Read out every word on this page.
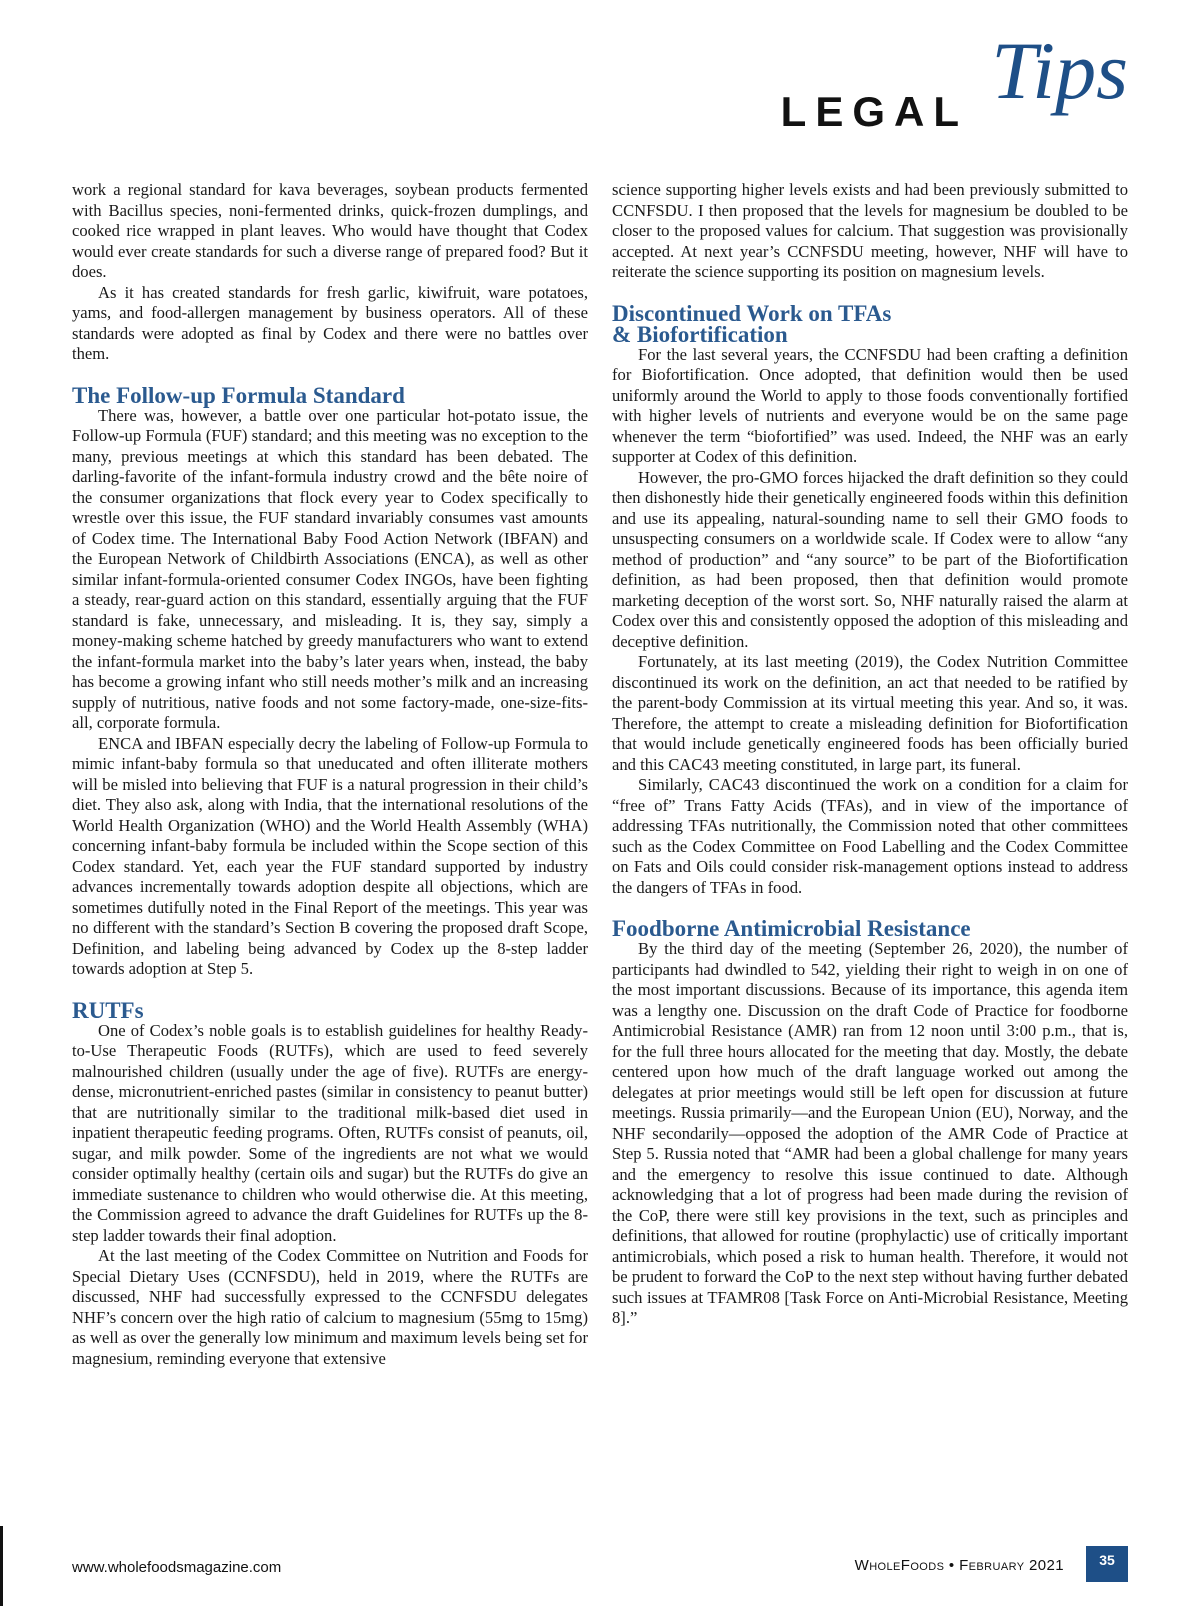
LEGAL Tips

work a regional standard for kava beverages, soybean products fermented with Bacillus species, noni-fermented drinks, quick-frozen dumplings, and cooked rice wrapped in plant leaves. Who would have thought that Codex would ever create standards for such a diverse range of prepared food? But it does.

As it has created standards for fresh garlic, kiwifruit, ware potatoes, yams, and food-allergen management by business operators. All of these standards were adopted as final by Codex and there were no battles over them.

The Follow-up Formula Standard

There was, however, a battle over one particular hot-potato issue, the Follow-up Formula (FUF) standard; and this meeting was no exception to the many, previous meetings at which this standard has been debated. The darling-favorite of the infant-formula industry crowd and the bête noire of the consumer organizations that flock every year to Codex specifically to wrestle over this issue, the FUF standard invariably consumes vast amounts of Codex time. The International Baby Food Action Network (IBFAN) and the European Network of Childbirth Associations (ENCA), as well as other similar infant-formula-oriented consumer Codex INGOs, have been fighting a steady, rear-guard action on this standard, essentially arguing that the FUF standard is fake, unnecessary, and misleading. It is, they say, simply a money-making scheme hatched by greedy manufacturers who want to extend the infant-formula market into the baby’s later years when, instead, the baby has become a growing infant who still needs mother’s milk and an increasing supply of nutritious, native foods and not some factory-made, one-size-fits-all, corporate formula.

ENCA and IBFAN especially decry the labeling of Follow-up Formula to mimic infant-baby formula so that uneducated and often illiterate mothers will be misled into believing that FUF is a natural progression in their child’s diet. They also ask, along with India, that the international resolutions of the World Health Organization (WHO) and the World Health Assembly (WHA) concerning infant-baby formula be included within the Scope section of this Codex standard. Yet, each year the FUF standard supported by industry advances incrementally towards adoption despite all objections, which are sometimes dutifully noted in the Final Report of the meetings. This year was no different with the standard’s Section B covering the proposed draft Scope, Definition, and labeling being advanced by Codex up the 8-step ladder towards adoption at Step 5.

RUTFs

One of Codex’s noble goals is to establish guidelines for healthy Ready-to-Use Therapeutic Foods (RUTFs), which are used to feed severely malnourished children (usually under the age of five). RUTFs are energy-dense, micronutrient-enriched pastes (similar in consistency to peanut butter) that are nutritionally similar to the traditional milk-based diet used in inpatient therapeutic feeding programs. Often, RUTFs consist of peanuts, oil, sugar, and milk powder. Some of the ingredients are not what we would consider optimally healthy (certain oils and sugar) but the RUTFs do give an immediate sustenance to children who would otherwise die. At this meeting, the Commission agreed to advance the draft Guidelines for RUTFs up the 8-step ladder towards their final adoption.

At the last meeting of the Codex Committee on Nutrition and Foods for Special Dietary Uses (CCNFSDU), held in 2019, where the RUTFs are discussed, NHF had successfully expressed to the CCNFSDU delegates NHF’s concern over the high ratio of calcium to magnesium (55mg to 15mg) as well as over the generally low minimum and maximum levels being set for magnesium, reminding everyone that extensive

science supporting higher levels exists and had been previously submitted to CCNFSDU. I then proposed that the levels for magnesium be doubled to be closer to the proposed values for calcium. That suggestion was provisionally accepted. At next year’s CCNFSDU meeting, however, NHF will have to reiterate the science supporting its position on magnesium levels.

Discontinued Work on TFAs
& Biofortification

For the last several years, the CCNFSDU had been crafting a definition for Biofortification. Once adopted, that definition would then be used uniformly around the World to apply to those foods conventionally fortified with higher levels of nutrients and everyone would be on the same page whenever the term “biofortified” was used. Indeed, the NHF was an early supporter at Codex of this definition.

However, the pro-GMO forces hijacked the draft definition so they could then dishonestly hide their genetically engineered foods within this definition and use its appealing, natural-sounding name to sell their GMO foods to unsuspecting consumers on a worldwide scale. If Codex were to allow “any method of production” and “any source” to be part of the Biofortification definition, as had been proposed, then that definition would promote marketing deception of the worst sort. So, NHF naturally raised the alarm at Codex over this and consistently opposed the adoption of this misleading and deceptive definition.

Fortunately, at its last meeting (2019), the Codex Nutrition Committee discontinued its work on the definition, an act that needed to be ratified by the parent-body Commission at its virtual meeting this year. And so, it was. Therefore, the attempt to create a misleading definition for Biofortification that would include genetically engineered foods has been officially buried and this CAC43 meeting constituted, in large part, its funeral.

Similarly, CAC43 discontinued the work on a condition for a claim for “free of” Trans Fatty Acids (TFAs), and in view of the importance of addressing TFAs nutritionally, the Commission noted that other committees such as the Codex Committee on Food Labelling and the Codex Committee on Fats and Oils could consider risk-management options instead to address the dangers of TFAs in food.

Foodborne Antimicrobial Resistance

By the third day of the meeting (September 26, 2020), the number of participants had dwindled to 542, yielding their right to weigh in on one of the most important discussions. Because of its importance, this agenda item was a lengthy one. Discussion on the draft Code of Practice for foodborne Antimicrobial Resistance (AMR) ran from 12 noon until 3:00 p.m., that is, for the full three hours allocated for the meeting that day. Mostly, the debate centered upon how much of the draft language worked out among the delegates at prior meetings would still be left open for discussion at future meetings. Russia primarily—and the European Union (EU), Norway, and the NHF secondarily—opposed the adoption of the AMR Code of Practice at Step 5. Russia noted that “AMR had been a global challenge for many years and the emergency to resolve this issue continued to date. Although acknowledging that a lot of progress had been made during the revision of the CoP, there were still key provisions in the text, such as principles and definitions, that allowed for routine (prophylactic) use of critically important antimicrobials, which posed a risk to human health. Therefore, it would not be prudent to forward the CoP to the next step without having further debated such issues at TFAMR08 [Task Force on Anti-Microbial Resistance, Meeting 8].”

www.wholefoodsmagazine.com	WholeFoods • February 2021	35
